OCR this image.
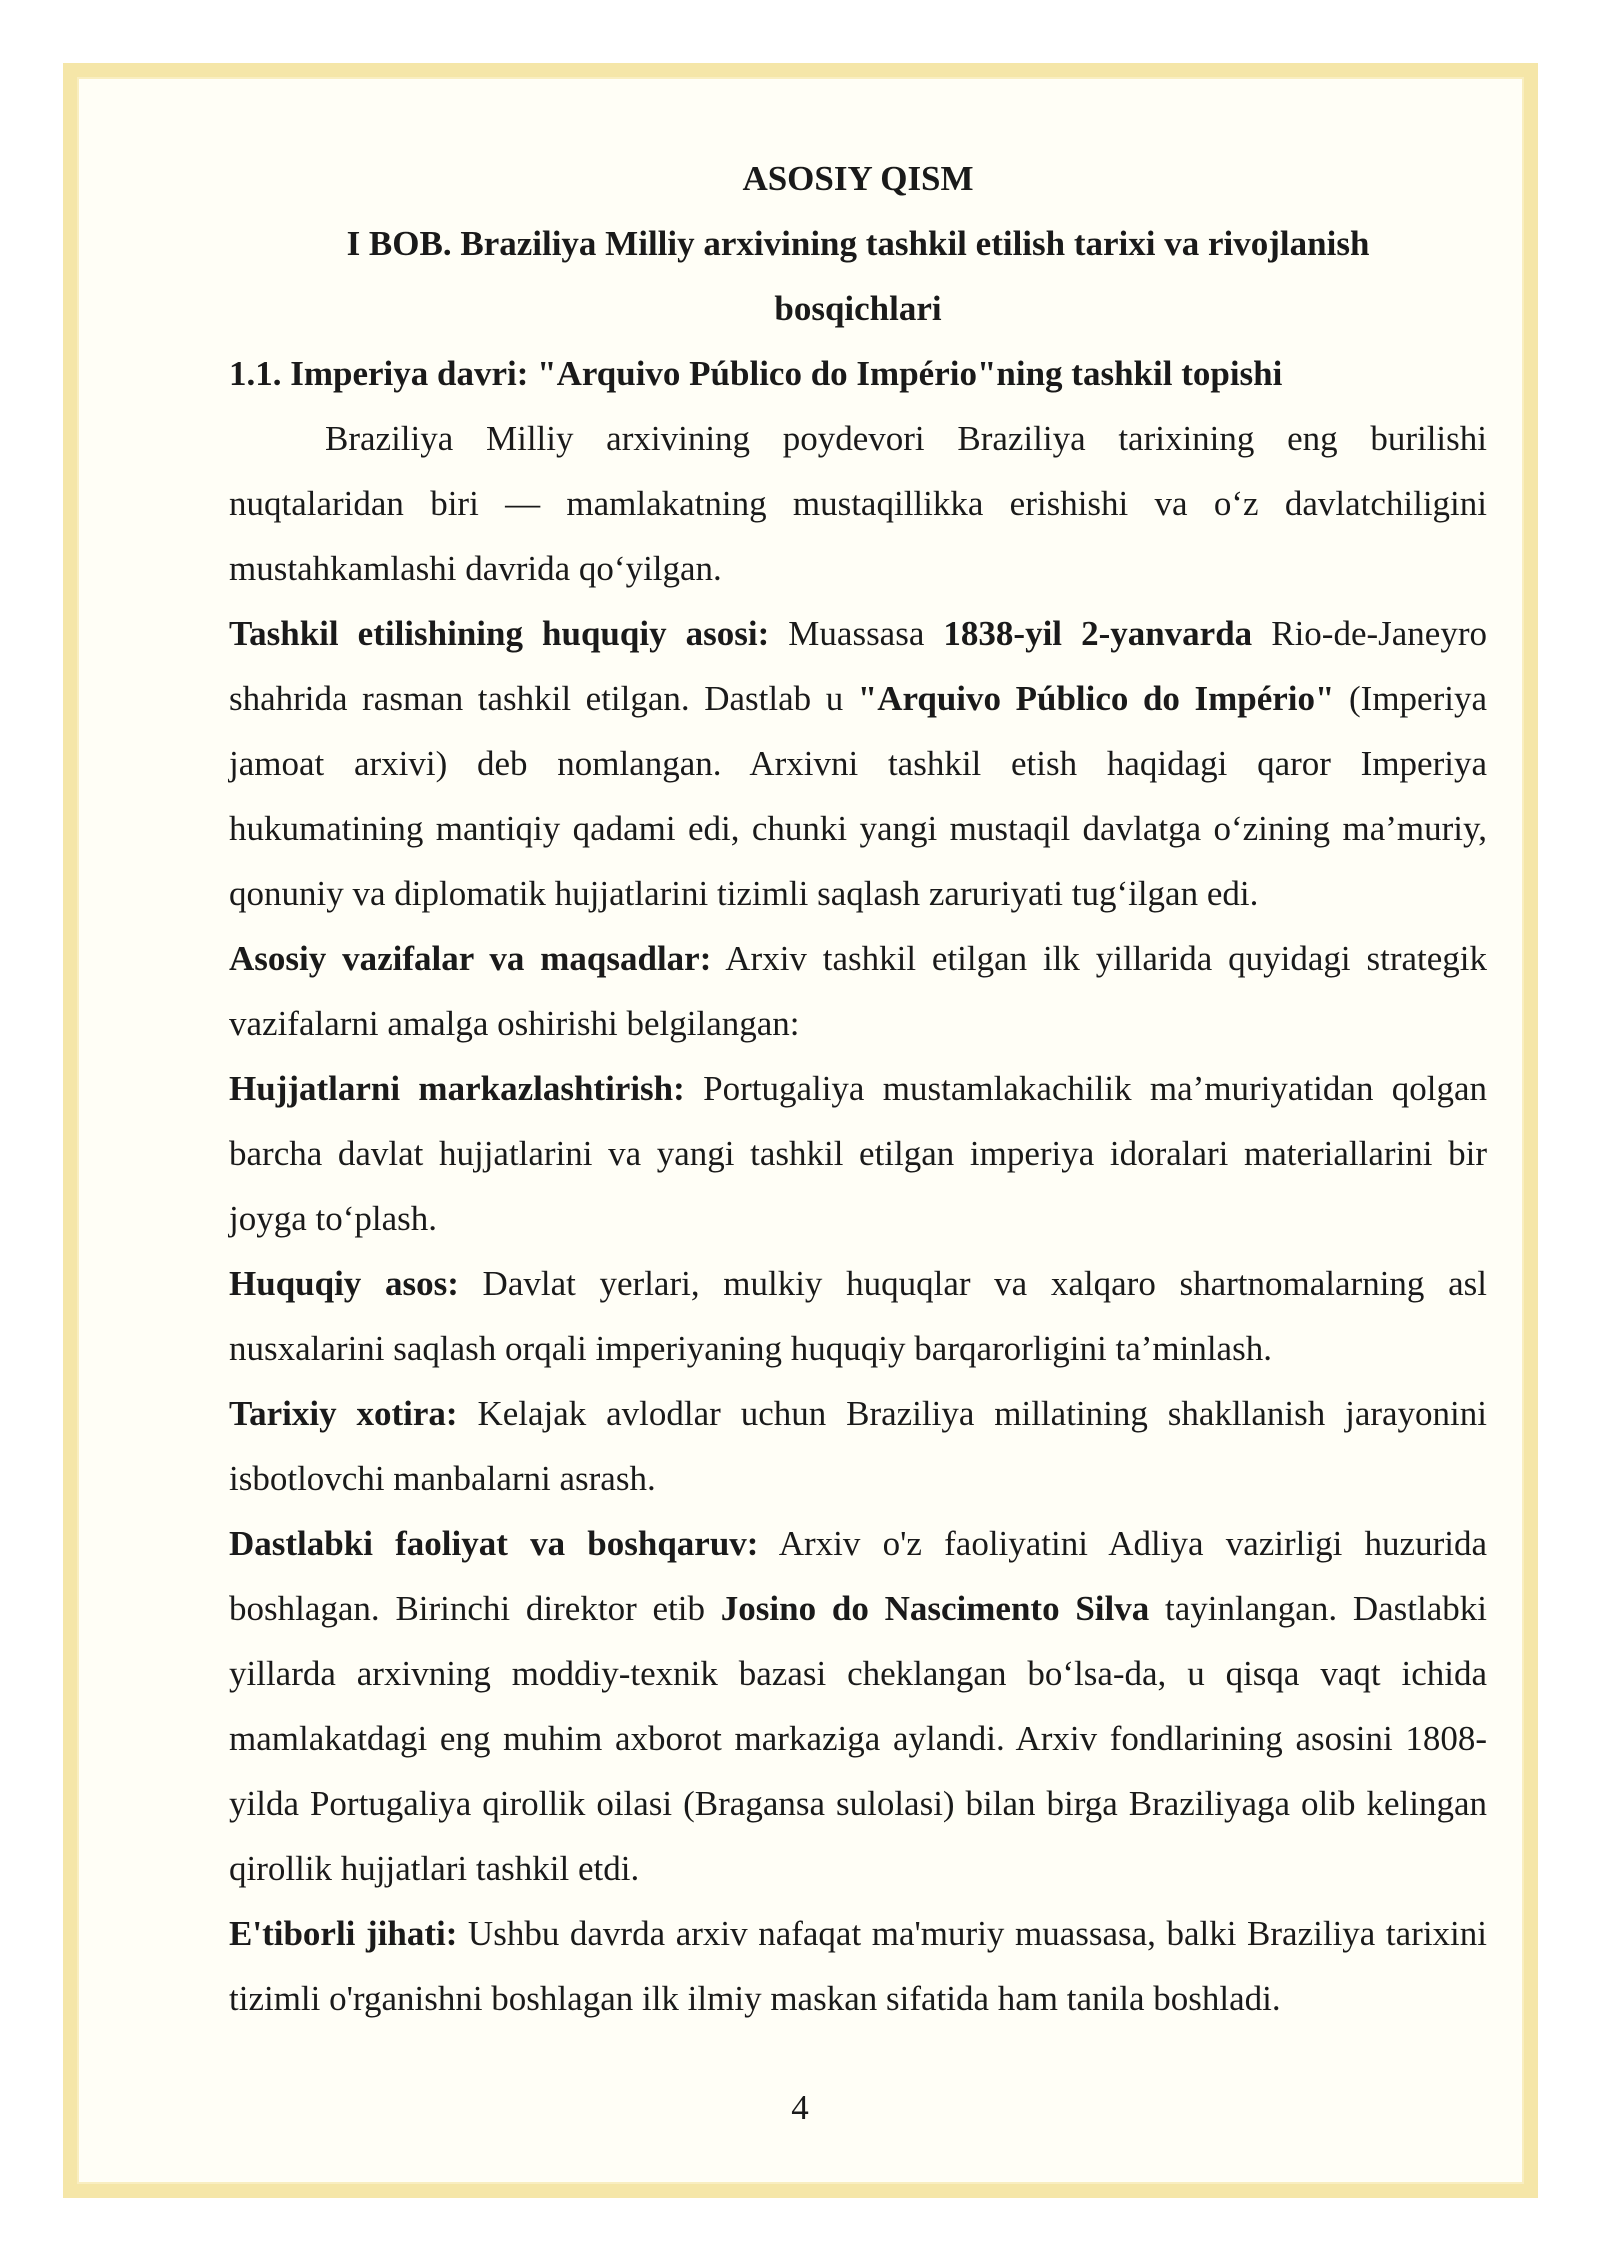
ASOSIY QISM

I BOB. Braziliya Milliy arxivining tashkil etilish tarixi va rivojlanish

bosqichlari

1.1. Imperiya davri: "Arquivo Público do Império"ning tashkil topishi

Braziliya Milliy arxivining poydevori Braziliya tarixining eng burilishi nuqtalaridan biri — mamlakatning mustaqillikka erishishi va o‘z davlatchiligini mustahkamlashi davrida qo‘yilgan.

Tashkil etilishining huquqiy asosi: Muassasa 1838-yil 2-yanvarda Rio-de-Janeyro shahrida rasman tashkil etilgan. Dastlab u "Arquivo Público do Império" (Imperiya jamoat arxivi) deb nomlangan. Arxivni tashkil etish haqidagi qaror Imperiya hukumatining mantiqiy qadami edi, chunki yangi mustaqil davlatga o‘zining ma’muriy, qonuniy va diplomatik hujjatlarini tizimli saqlash zaruriyati tug‘ilgan edi.

Asosiy vazifalar va maqsadlar: Arxiv tashkil etilgan ilk yillarida quyidagi strategik vazifalarni amalga oshirishi belgilangan:

Hujjatlarni markazlashtirish: Portugaliya mustamlakachilik ma’muriyatidan qolgan barcha davlat hujjatlarini va yangi tashkil etilgan imperiya idoralari materiallarini bir joyga to‘plash.

Huquqiy asos: Davlat yerlari, mulkiy huquqlar va xalqaro shartnomalarning asl nusxalarini saqlash orqali imperiyaning huquqiy barqarorligini ta’minlash.

Tarixiy xotira: Kelajak avlodlar uchun Braziliya millatining shakllanish jarayonini isbotlovchi manbalarni asrash.

Dastlabki faoliyat va boshqaruv: Arxiv o'z faoliyatini Adliya vazirligi huzurida boshlagan. Birinchi direktor etib Josino do Nascimento Silva tayinlangan. Dastlabki yillarda arxivning moddiy-texnik bazasi cheklangan bo‘lsa-da, u qisqa vaqt ichida mamlakatdagi eng muhim axborot markaziga aylandi. Arxiv fondlarining asosini 1808-yilda Portugaliya qirollik oilasi (Bragansa sulolasi) bilan birga Braziliyaga olib kelingan qirollik hujjatlari tashkil etdi.

E'tiborli jihati: Ushbu davrda arxiv nafaqat ma'muriy muassasa, balki Braziliya tarixini tizimli o'rganishni boshlagan ilk ilmiy maskan sifatida ham tanila boshladi.

4
